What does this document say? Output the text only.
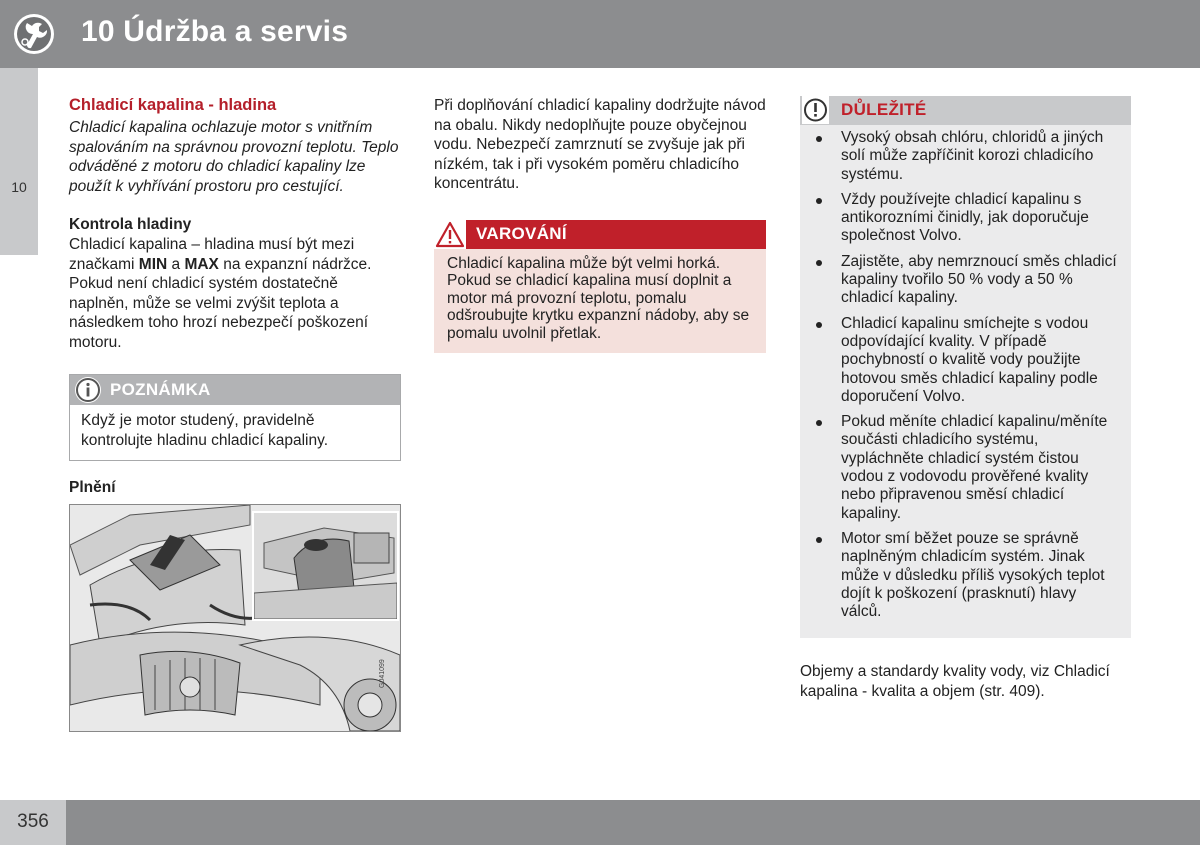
10 Údržba a servis
10
Chladicí kapalina - hladina

Chladicí kapalina ochlazuje motor s vnitřním spalováním na správnou provozní teplotu. Teplo odváděné z motoru do chladicí kapaliny lze použít k vyhřívání prostoru pro cestující.

Kontrola hladiny

Chladicí kapalina – hladina musí být mezi značkami MIN a MAX na expanzní nádržce. Pokud není chladicí systém dostatečně naplněn, může se velmi zvýšit teplota a následkem toho hrozí nebezpečí poškození motoru.

POZNÁMKA
Když je motor studený, pravidelně kontrolujte hladinu chladicí kapaliny.
Plnění
G041099

Při doplňování chladicí kapaliny dodržujte návod na obalu. Nikdy nedoplňujte pouze obyčejnou vodu. Nebezpečí zamrznutí se zvyšuje jak při nízkém, tak i při vysokém poměru chladicího koncentrátu.

VAROVÁNÍ
Chladicí kapalina může být velmi horká. Pokud se chladicí kapalina musí doplnit a motor má provozní teplotu, pomalu odšroubujte krytku expanzní nádoby, aby se pomalu uvolnil přetlak.
DŮLEŽITÉ
Vysoký obsah chlóru, chloridů a jiných solí může zapříčinit korozi chladicího systému.
Vždy používejte chladicí kapalinu s antikorozními činidly, jak doporučuje společnost Volvo.
Zajistěte, aby nemrznoucí směs chladicí kapaliny tvořilo 50 % vody a 50 % chladicí kapaliny.
Chladicí kapalinu smíchejte s vodou odpovídající kvality. V případě pochybností o kvalitě vody použijte hotovou směs chladicí kapaliny podle doporučení Volvo.
Pokud měníte chladicí kapalinu/měníte součásti chladicího systému, vypláchněte chladicí systém čistou vodou z vodovodu prověřené kvality nebo připravenou směsí chladicí kapaliny.
Motor smí běžet pouze se správně naplněným chladicím systém. Jinak může v důsledku příliš vysokých teplot dojít k poškození (prasknutí) hlavy válců.

Objemy a standardy kvality vody, viz Chladicí kapalina - kvalita a objem (str. 409).

356
